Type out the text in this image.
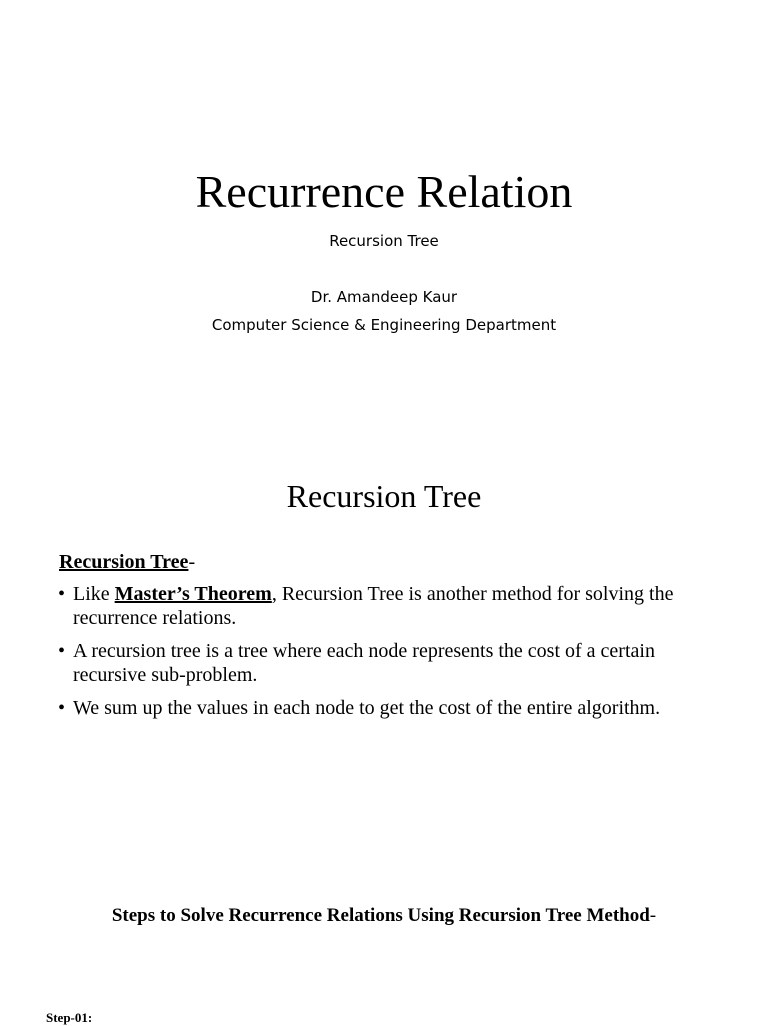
Recurrence Relation
Recursion Tree
Dr. Amandeep Kaur
Computer Science & Engineering Department
Recursion Tree
Recursion Tree-
• Like Master’s Theorem, Recursion Tree is another method for solving the recurrence relations.
• A recursion tree is a tree where each node represents the cost of a certain recursive sub-problem.
• We sum up the values in each node to get the cost of the entire algorithm.
Steps to Solve Recurrence Relations Using Recursion Tree Method-
Step-01:
